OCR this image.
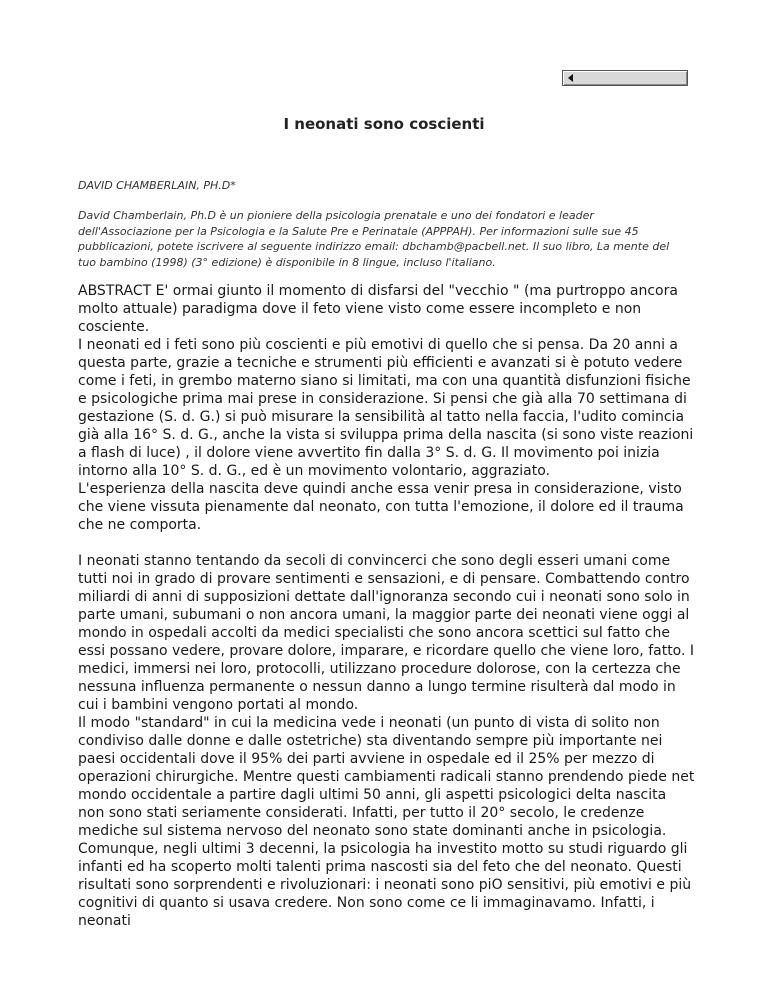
I neonati sono coscienti

DAVID CHAMBERLAIN, PH.D*

David Chamberlain, Ph.D è un pioniere della psicologia prenatale e uno dei fondatori e leader dell'Associazione per la Psicologia e la Salute Pre e Perinatale (APPPAH). Per informazioni sulle sue 45 pubblicazioni, potete iscrivere al seguente indirizzo email: dbchamb@pacbell.net. Il suo libro, La mente del tuo bambino (1998) (3° edizione) è disponibile in 8 lingue, incluso l'italiano.

ABSTRACT E' ormai giunto il momento di disfarsi del "vecchio " (ma purtroppo ancora molto attuale) paradigma dove il feto viene visto come essere incompleto e non cosciente.

I neonati ed i feti sono più coscienti e più emotivi di quello che si pensa. Da 20 anni a questa parte, grazie a tecniche e strumenti più efficienti e avanzati si è potuto vedere come i feti, in grembo materno siano si limitati, ma con una quantità disfunzioni fisiche e psicologiche prima mai prese in considerazione. Si pensi che già alla 70 settimana di gestazione (S. d. G.) si può misurare la sensibilità al tatto nella faccia, l'udito comincia già alla 16° S. d. G., anche la vista si sviluppa prima della nascita (si sono viste reazioni a flash di luce) , il dolore viene avvertito fin dalla 3° S. d. G. Il movimento poi inizia intorno alla 10° S. d. G., ed è un movimento volontario, aggraziato.

L'esperienza della nascita deve quindi anche essa venir presa in considerazione, visto che viene vissuta pienamente dal neonato, con tutta l'emozione, il dolore ed il trauma che ne comporta.

I neonati stanno tentando da secoli di convincerci che sono degli esseri umani come tutti noi in grado di provare sentimenti e sensazioni, e di pensare. Combattendo contro miliardi di anni di supposizioni dettate dall'ignoranza secondo cui i neonati sono solo in parte umani, subumani o non ancora umani, la maggior parte dei neonati viene oggi al mondo in ospedali accolti da medici specialisti che sono ancora scettici sul fatto che essi possano vedere, provare dolore, imparare, e ricordare quello che viene loro, fatto. I medici, immersi nei loro, protocolli, utilizzano procedure dolorose, con la certezza che nessuna influenza permanente o nessun danno a lungo termine risulterà dal modo in cui i bambini vengono portati al mondo.

Il modo "standard" in cui la medicina vede i neonati (un punto di vista di solito non condiviso dalle donne e dalle ostetriche) sta diventando sempre più importante nei paesi occidentali dove il 95% dei parti avviene in ospedale ed il 25% per mezzo di operazioni chirurgiche. Mentre questi cambiamenti radicali stanno prendendo piede net mondo occidentale a partire dagli ultimi 50 anni, gli aspetti psicologici delta nascita non sono stati seriamente considerati. Infatti, per tutto il 20° secolo, le credenze mediche sul sistema nervoso del neonato sono state dominanti anche in psicologia. Comunque, negli ultimi 3 decenni, la psicologia ha investito motto su studi riguardo gli infanti ed ha scoperto molti talenti prima nascosti sia del feto che del neonato. Questi risultati sono sorprendenti e rivoluzionari: i neonati sono piO sensitivi, più emotivi e più cognitivi di quanto si usava credere. Non sono come ce li immaginavamo. Infatti, i neonati
